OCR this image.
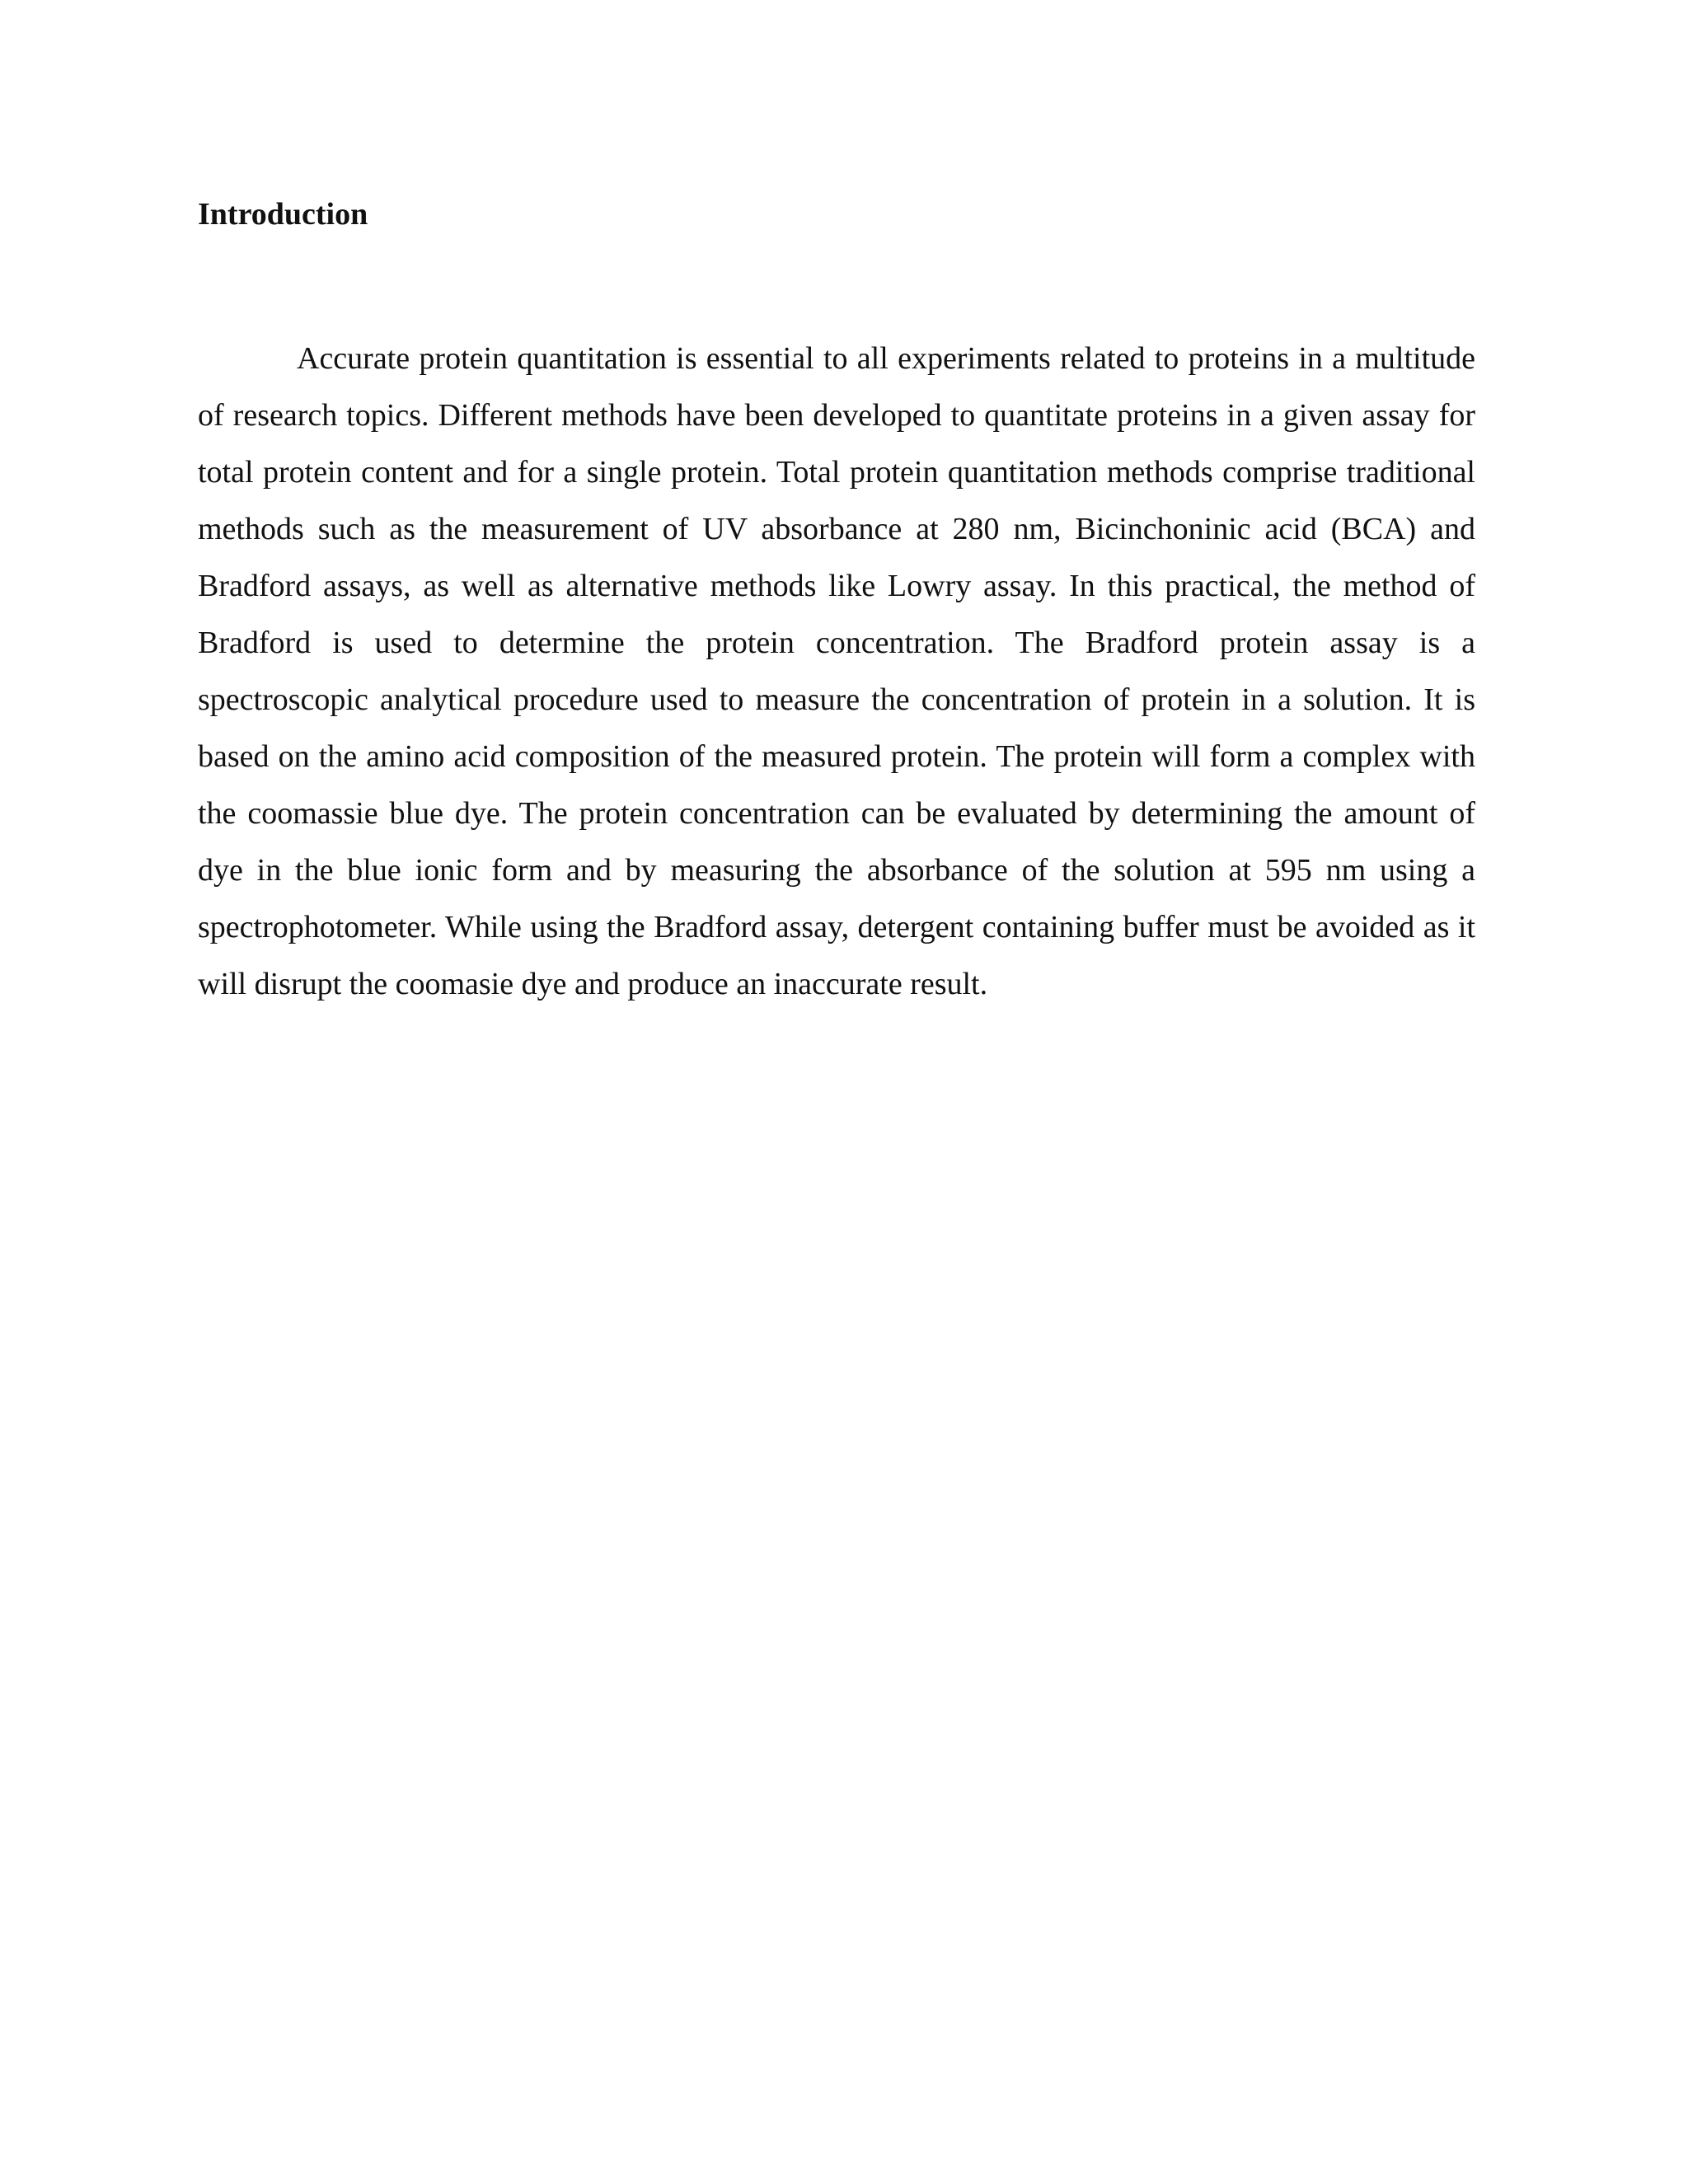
Introduction

Accurate protein quantitation is essential to all experiments related to proteins in a multitude of research topics. Different methods have been developed to quantitate proteins in a given assay for total protein content and for a single protein. Total protein quantitation methods comprise traditional methods such as the measurement of UV absorbance at 280 nm, Bicinchoninic acid (BCA) and Bradford assays, as well as alternative methods like Lowry assay. In this practical, the method of Bradford is used to determine the protein concentration. The Bradford protein assay is a spectroscopic analytical procedure used to measure the concentration of protein in a solution. It is based on the amino acid composition of the measured protein. The protein will form a complex with the coomassie blue dye. The protein concentration can be evaluated by determining the amount of dye in the blue ionic form and by measuring the absorbance of the solution at 595 nm using a spectrophotometer. While using the Bradford assay, detergent containing buffer must be avoided as it will disrupt the coomasie dye and produce an inaccurate result.
